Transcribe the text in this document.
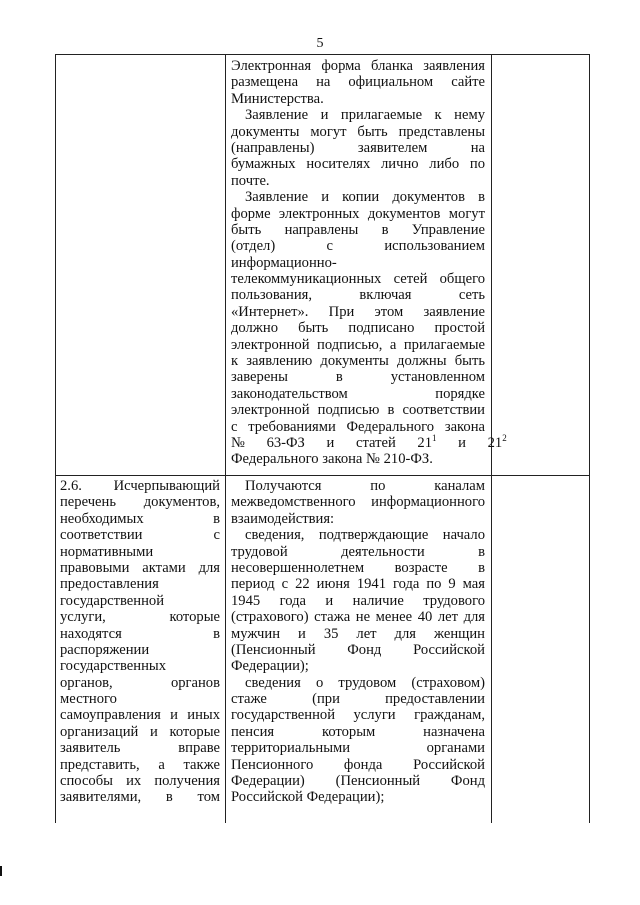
5
Электронная форма бланка заявления
размещена на официальном сайте
Министерства.
Заявление и прилагаемые к нему
документы могут быть представлены
(направлены) заявителем на
бумажных носителях лично либо по
почте.
Заявление и копии документов в
форме электронных документов могут
быть направлены в Управление
(отдел) с использованием
информационно-
телекоммуникационных сетей общего
пользования, включая сеть
«Интернет». При этом заявление
должно быть подписано простой
электронной подписью, а прилагаемые
к заявлению документы должны быть
заверены в установленном
законодательством порядке
электронной подписью в соответствии
с требованиями Федерального закона
№ 63-ФЗ и статей $21^1$ и $21^2$
Федерального закона № 210-ФЗ.
2.6. Исчерпывающий
перечень документов,
необходимых в
соответствии с
нормативными
правовыми актами для
предоставления
государственной
услуги, которые
находятся в
распоряжении
государственных
органов, органов
местного
самоуправления и иных
организаций и которые
заявитель вправе
представить, а также
способы их получения
заявителями, в том
Получаются по каналам
межведомственного информационного
взаимодействия:
сведения, подтверждающие начало
трудовой деятельности в
несовершеннолетнем возрасте в
период с 22 июня 1941 года по 9 мая
1945 года и наличие трудового
(страхового) стажа не менее 40 лет для
мужчин и 35 лет для женщин
(Пенсионный Фонд Российской
Федерации);
сведения о трудовом (страховом)
стаже (при предоставлении
государственной услуги гражданам,
пенсия которым назначена
территориальными органами
Пенсионного фонда Российской
Федерации) (Пенсионный Фонд
Российской Федерации);
